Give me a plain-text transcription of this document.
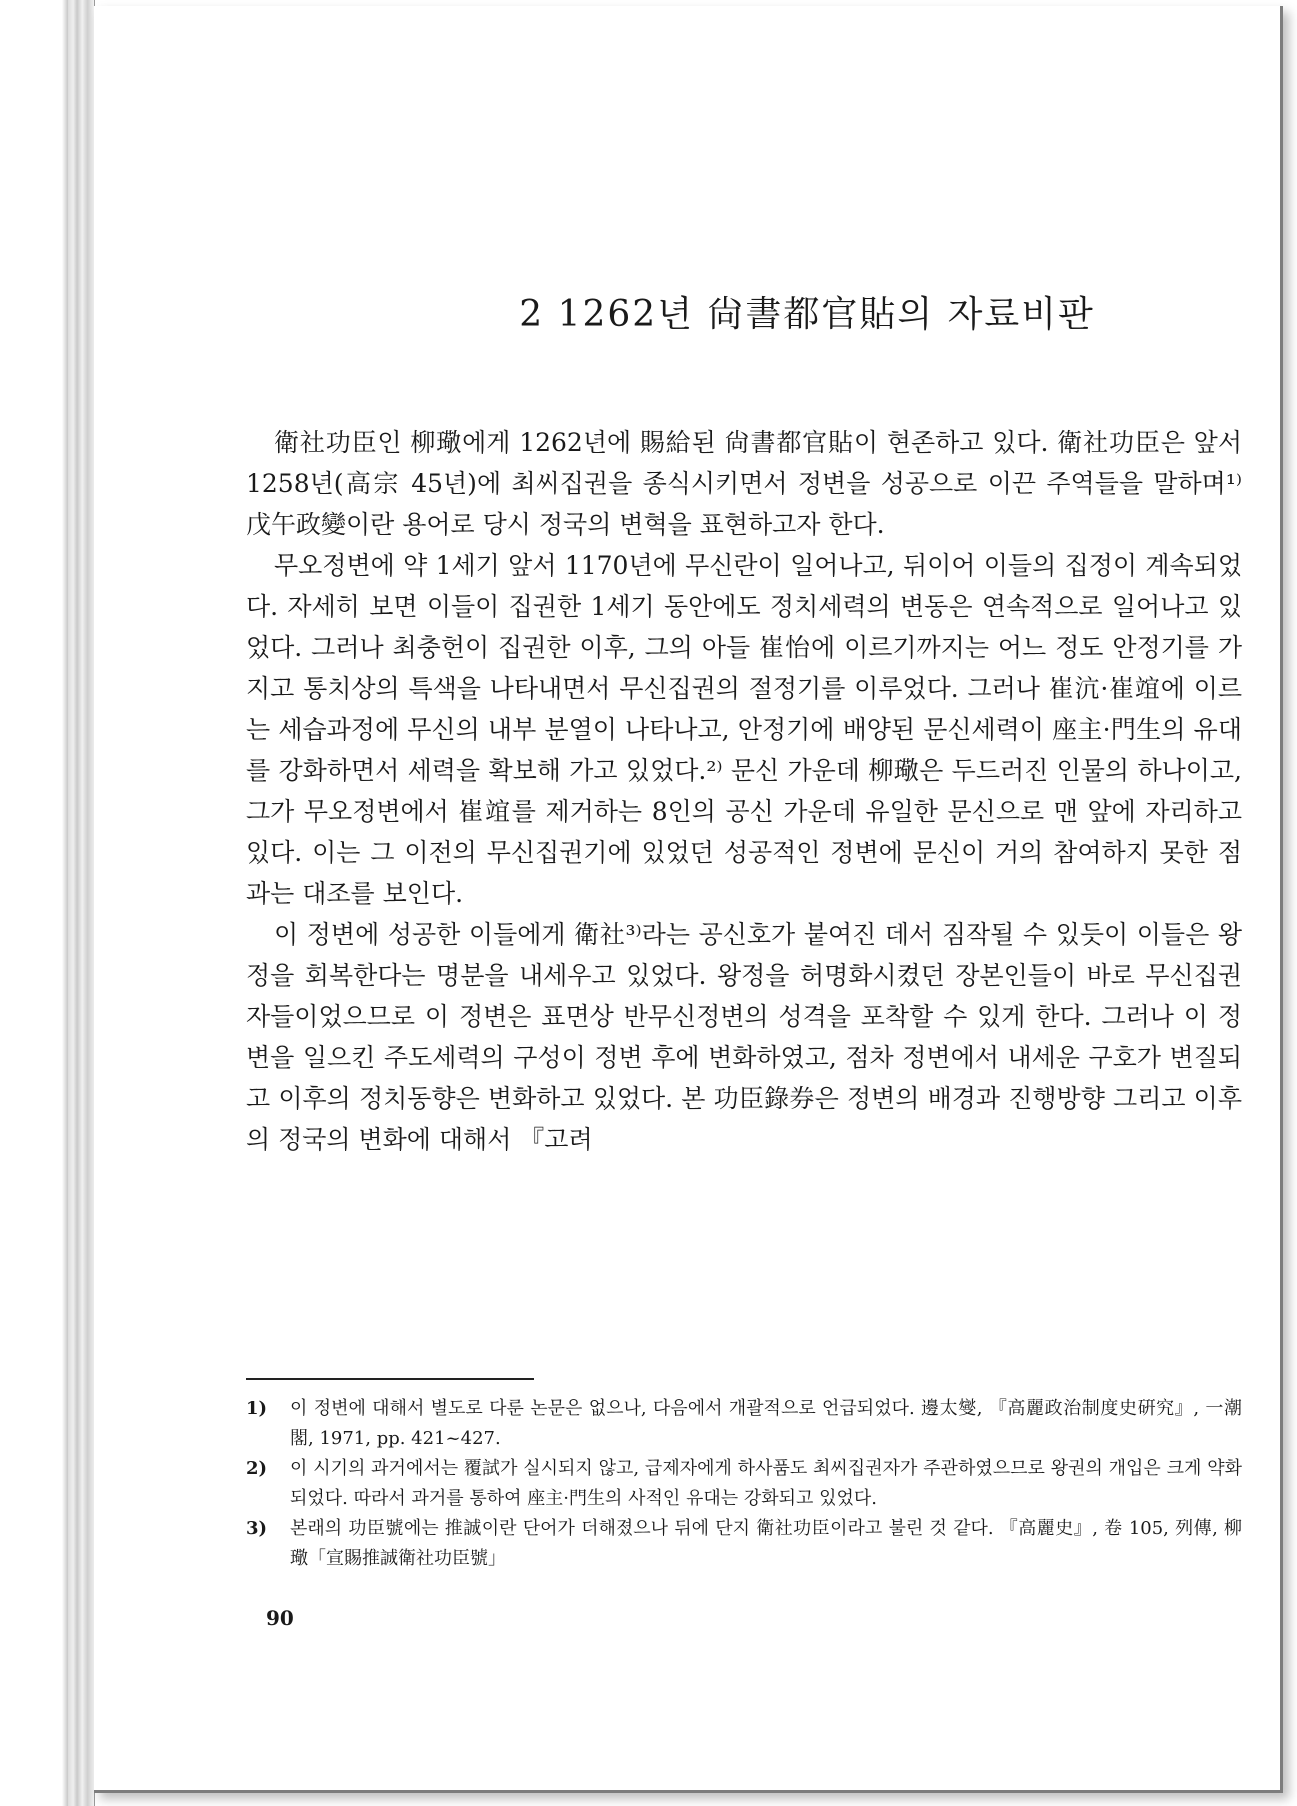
2 1262년 尙書都官貼의 자료비판

衛社功臣인 柳璥에게 1262년에 賜給된 尙書都官貼이 현존하고 있다. 衛社功臣은 앞서 1258년(高宗 45년)에 최씨집권을 종식시키면서 정변을 성공으로 이끈 주역들을 말하며¹⁾ 戊午政變이란 용어로 당시 정국의 변혁을 표현하고자 한다.

무오정변에 약 1세기 앞서 1170년에 무신란이 일어나고, 뒤이어 이들의 집정이 계속되었다. 자세히 보면 이들이 집권한 1세기 동안에도 정치세력의 변동은 연속적으로 일어나고 있었다. 그러나 최충헌이 집권한 이후, 그의 아들 崔怡에 이르기까지는 어느 정도 안정기를 가지고 통치상의 특색을 나타내면서 무신집권의 절정기를 이루었다. 그러나 崔沆·崔竩에 이르는 세습과정에 무신의 내부 분열이 나타나고, 안정기에 배양된 문신세력이 座主·門生의 유대를 강화하면서 세력을 확보해 가고 있었다.²⁾ 문신 가운데 柳璥은 두드러진 인물의 하나이고, 그가 무오정변에서 崔竩를 제거하는 8인의 공신 가운데 유일한 문신으로 맨 앞에 자리하고 있다. 이는 그 이전의 무신집권기에 있었던 성공적인 정변에 문신이 거의 참여하지 못한 점과는 대조를 보인다.

이 정변에 성공한 이들에게 衛社³⁾라는 공신호가 붙여진 데서 짐작될 수 있듯이 이들은 왕정을 회복한다는 명분을 내세우고 있었다. 왕정을 허명화시켰던 장본인들이 바로 무신집권자들이었으므로 이 정변은 표면상 반무신정변의 성격을 포착할 수 있게 한다. 그러나 이 정변을 일으킨 주도세력의 구성이 정변 후에 변화하였고, 점차 정변에서 내세운 구호가 변질되고 이후의 정치동향은 변화하고 있었다. 본 功臣錄券은 정변의 배경과 진행방향 그리고 이후의 정국의 변화에 대해서 『고려

1)	이 정변에 대해서 별도로 다룬 논문은 없으나, 다음에서 개괄적으로 언급되었다. 邊太燮, 『高麗政治制度史硏究』, 一潮閣, 1971, pp. 421~427.
2)	이 시기의 과거에서는 覆試가 실시되지 않고, 급제자에게 하사품도 최씨집권자가 주관하였으므로 왕권의 개입은 크게 약화되었다. 따라서 과거를 통하여 座主·門生의 사적인 유대는 강화되고 있었다.
3)	본래의 功臣號에는 推誠이란 단어가 더해졌으나 뒤에 단지 衛社功臣이라고 불린 것 같다. 『高麗史』, 卷 105, 列傳, 柳璥「宣賜推誠衛社功臣號」
90
